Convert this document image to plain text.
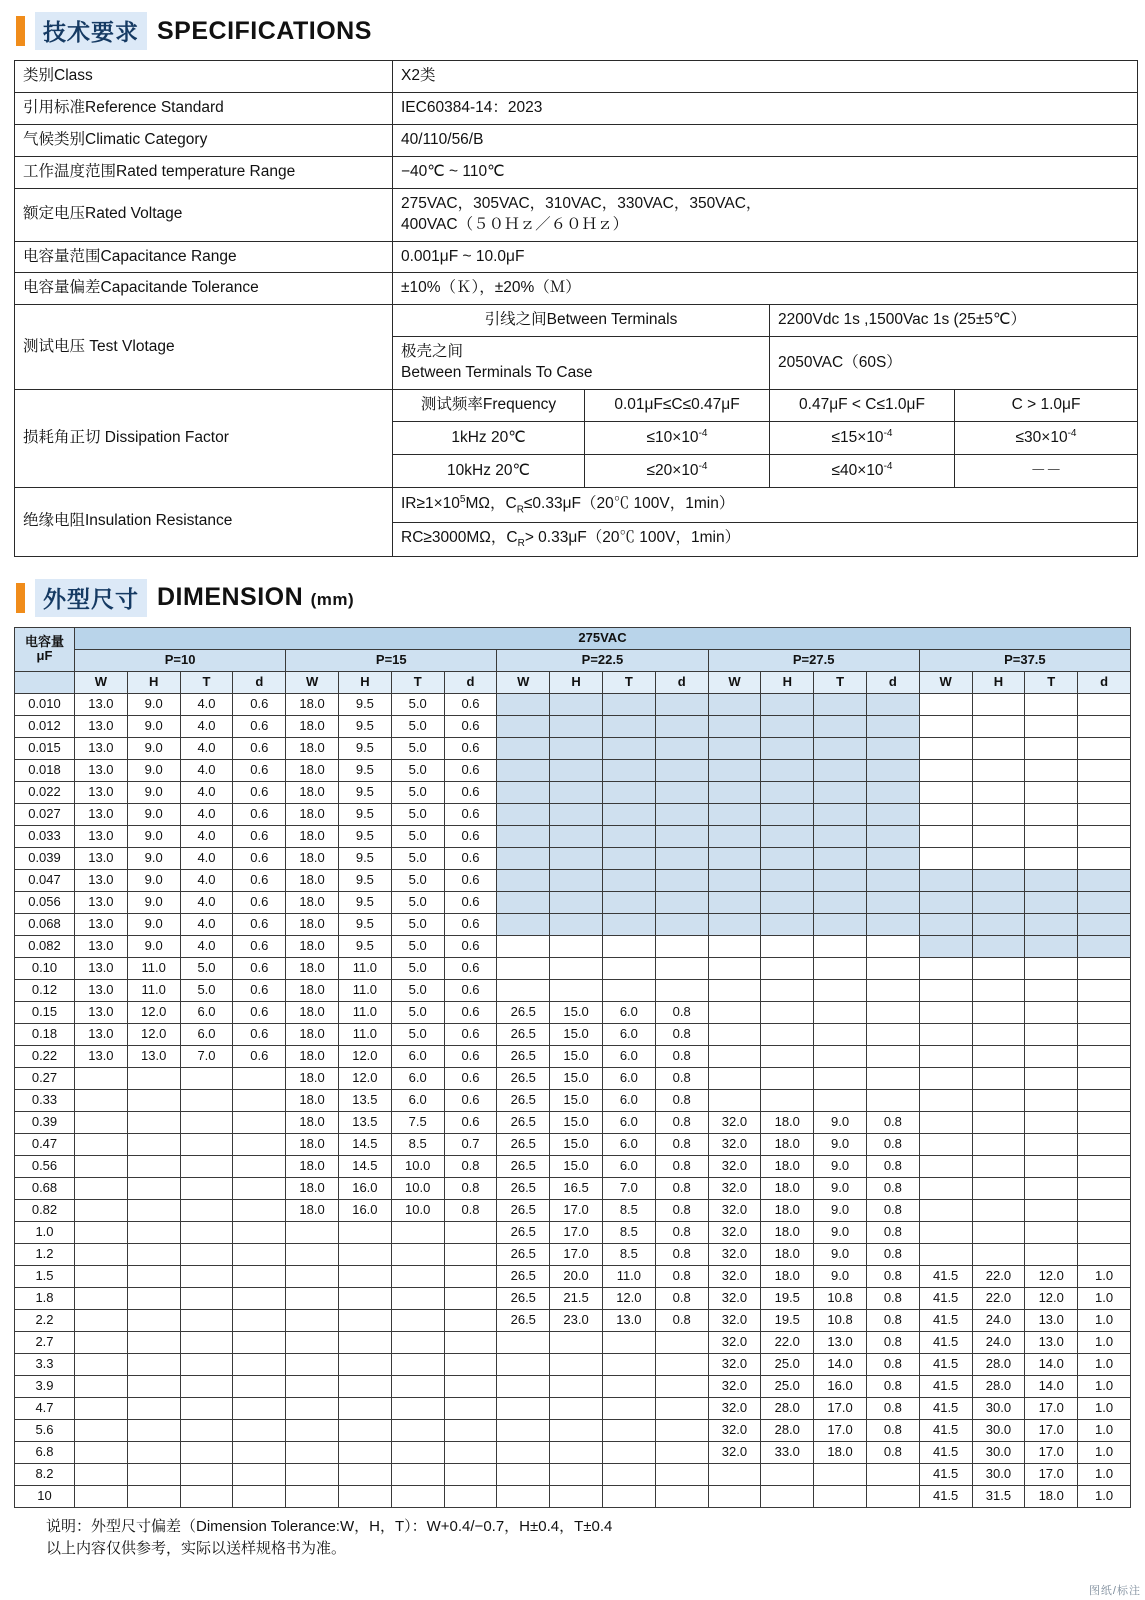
技术要求 SPECIFICATIONS
类别Class	X2类			
引用标准Reference Standard	IEC60384-14：2023			
气候类别Climatic Category	40/110/56/B			
工作温度范围Rated temperature Range	−40℃ ~ 110℃			
额定电压Rated Voltage	275VAC，305VAC，310VAC，330VAC，350VAC，
400VAC（５０Ｈｚ／６０Ｈｚ）			

电容量范围Capacitance Range	0.001μF ~ 10.0μF			
电容量偏差Capacitande Tolerance	±10%（Ｋ），±20%（Ｍ）			
测试电压 Test Vlotage	引线之间Between Terminals		2200Vdc 1s ,1500Vac 1s (25±5℃）	

	极壳之间
Between Terminals To Case		2050VAC（60S）	
损耗角正切 Dissipation Factor	测试频率Frequency	0.01μF≤C≤0.47μF	0.47μF < C≤1.0μF	C > 1.0μF
	1kHz 20℃	$\le 10\times 10^{-4}$	$\le 15\times 10^{-4}$	$\le 30\times 10^{-4}$
	10kHz 20℃	$\le 20\times 10^{-4}$	$\le 40\times 10^{-4}$	－－
绝缘电阻Insulation Resistance	$IR\ge 1\times 10^5M\Omega$，$C_R\le 0.33\mu F(20℃$ 100V，1min）			
	RC≥3000MΩ，$C_R>$ 0.33μF（20℃ 100V，1min）			
外型尺寸 DIMENSION (mm)
电容量
μF	275VAC																			
	P=10				P=15				P=22.5				P=27.5				P=37.5			
	W	H	T	d	W	H	T	d	W	H	T	d	W	H	T	d	W	H	T	d
0.010	13.0	9.0	4.0	0.6	18.0	9.5	5.0	0.6												
0.012	13.0	9.0	4.0	0.6	18.0	9.5	5.0	0.6												
0.015	13.0	9.0	4.0	0.6	18.0	9.5	5.0	0.6												
0.018	13.0	9.0	4.0	0.6	18.0	9.5	5.0	0.6												
0.022	13.0	9.0	4.0	0.6	18.0	9.5	5.0	0.6												
0.027	13.0	9.0	4.0	0.6	18.0	9.5	5.0	0.6												
0.033	13.0	9.0	4.0	0.6	18.0	9.5	5.0	0.6												
0.039	13.0	9.0	4.0	0.6	18.0	9.5	5.0	0.6												
0.047	13.0	9.0	4.0	0.6	18.0	9.5	5.0	0.6												
0.056	13.0	9.0	4.0	0.6	18.0	9.5	5.0	0.6												
0.068	13.0	9.0	4.0	0.6	18.0	9.5	5.0	0.6												
0.082	13.0	9.0	4.0	0.6	18.0	9.5	5.0	0.6												
0.10	13.0	11.0	5.0	0.6	18.0	11.0	5.0	0.6												
0.12	13.0	11.0	5.0	0.6	18.0	11.0	5.0	0.6												
0.15	13.0	12.0	6.0	0.6	18.0	11.0	5.0	0.6	26.5	15.0	6.0	0.8								
0.18	13.0	12.0	6.0	0.6	18.0	11.0	5.0	0.6	26.5	15.0	6.0	0.8								
0.22	13.0	13.0	7.0	0.6	18.0	12.0	6.0	0.6	26.5	15.0	6.0	0.8								
0.27					18.0	12.0	6.0	0.6	26.5	15.0	6.0	0.8								
0.33					18.0	13.5	6.0	0.6	26.5	15.0	6.0	0.8								
0.39					18.0	13.5	7.5	0.6	26.5	15.0	6.0	0.8	32.0	18.0	9.0	0.8				
0.47					18.0	14.5	8.5	0.7	26.5	15.0	6.0	0.8	32.0	18.0	9.0	0.8				
0.56					18.0	14.5	10.0	0.8	26.5	15.0	6.0	0.8	32.0	18.0	9.0	0.8				
0.68					18.0	16.0	10.0	0.8	26.5	16.5	7.0	0.8	32.0	18.0	9.0	0.8				
0.82					18.0	16.0	10.0	0.8	26.5	17.0	8.5	0.8	32.0	18.0	9.0	0.8				
1.0									26.5	17.0	8.5	0.8	32.0	18.0	9.0	0.8				
1.2									26.5	17.0	8.5	0.8	32.0	18.0	9.0	0.8				
1.5									26.5	20.0	11.0	0.8	32.0	18.0	9.0	0.8	41.5	22.0	12.0	1.0
1.8									26.5	21.5	12.0	0.8	32.0	19.5	10.8	0.8	41.5	22.0	12.0	1.0
2.2									26.5	23.0	13.0	0.8	32.0	19.5	10.8	0.8	41.5	24.0	13.0	1.0
2.7													32.0	22.0	13.0	0.8	41.5	24.0	13.0	1.0
3.3													32.0	25.0	14.0	0.8	41.5	28.0	14.0	1.0
3.9													32.0	25.0	16.0	0.8	41.5	28.0	14.0	1.0
4.7													32.0	28.0	17.0	0.8	41.5	30.0	17.0	1.0
5.6													32.0	28.0	17.0	0.8	41.5	30.0	17.0	1.0
6.8													32.0	33.0	18.0	0.8	41.5	30.0	17.0	1.0
8.2																	41.5	30.0	17.0	1.0
10																	41.5	31.5	18.0	1.0
说明：外型尺寸偏差（Dimension Tolerance:W，H，T）：W+0.4/−0.7，H±0.4，T±0.4
以上内容仅供参考，实际以送样规格书为准。
图纸/标注
